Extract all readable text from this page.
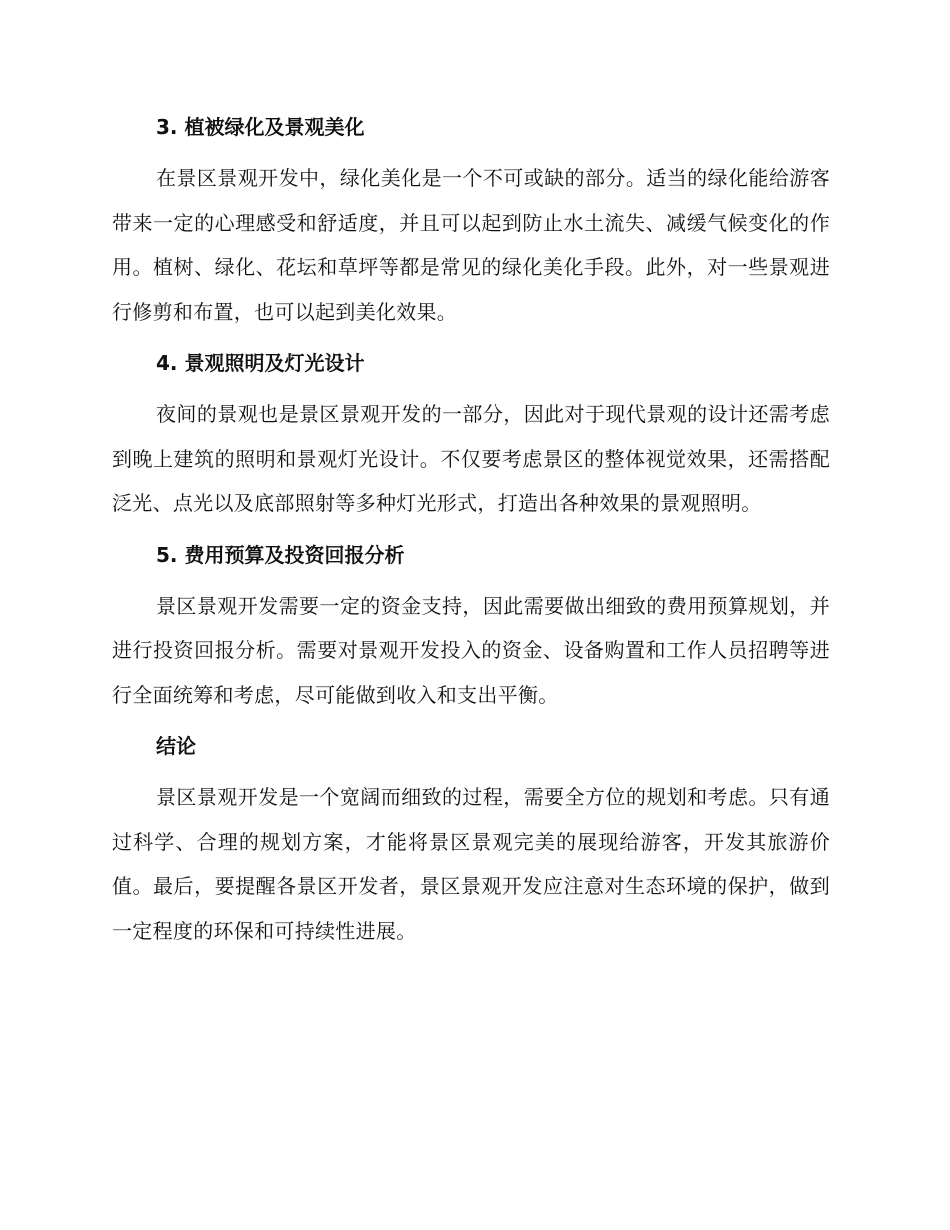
3. 植被绿化及景观美化
在景区景观开发中，绿化美化是一个不可或缺的部分。适当的绿化能给游客带来一定的心理感受和舒适度，并且可以起到防止水土流失、减缓气候变化的作用。植树、绿化、花坛和草坪等都是常见的绿化美化手段。此外，对一些景观进行修剪和布置，也可以起到美化效果。
4. 景观照明及灯光设计
夜间的景观也是景区景观开发的一部分，因此对于现代景观的设计还需考虑到晚上建筑的照明和景观灯光设计。不仅要考虑景区的整体视觉效果，还需搭配泛光、点光以及底部照射等多种灯光形式，打造出各种效果的景观照明。
5. 费用预算及投资回报分析
景区景观开发需要一定的资金支持，因此需要做出细致的费用预算规划，并进行投资回报分析。需要对景观开发投入的资金、设备购置和工作人员招聘等进行全面统筹和考虑，尽可能做到收入和支出平衡。
结论
景区景观开发是一个宽阔而细致的过程，需要全方位的规划和考虑。只有通过科学、合理的规划方案，才能将景区景观完美的展现给游客，开发其旅游价值。最后，要提醒各景区开发者，景区景观开发应注意对生态环境的保护，做到一定程度的环保和可持续性进展。
